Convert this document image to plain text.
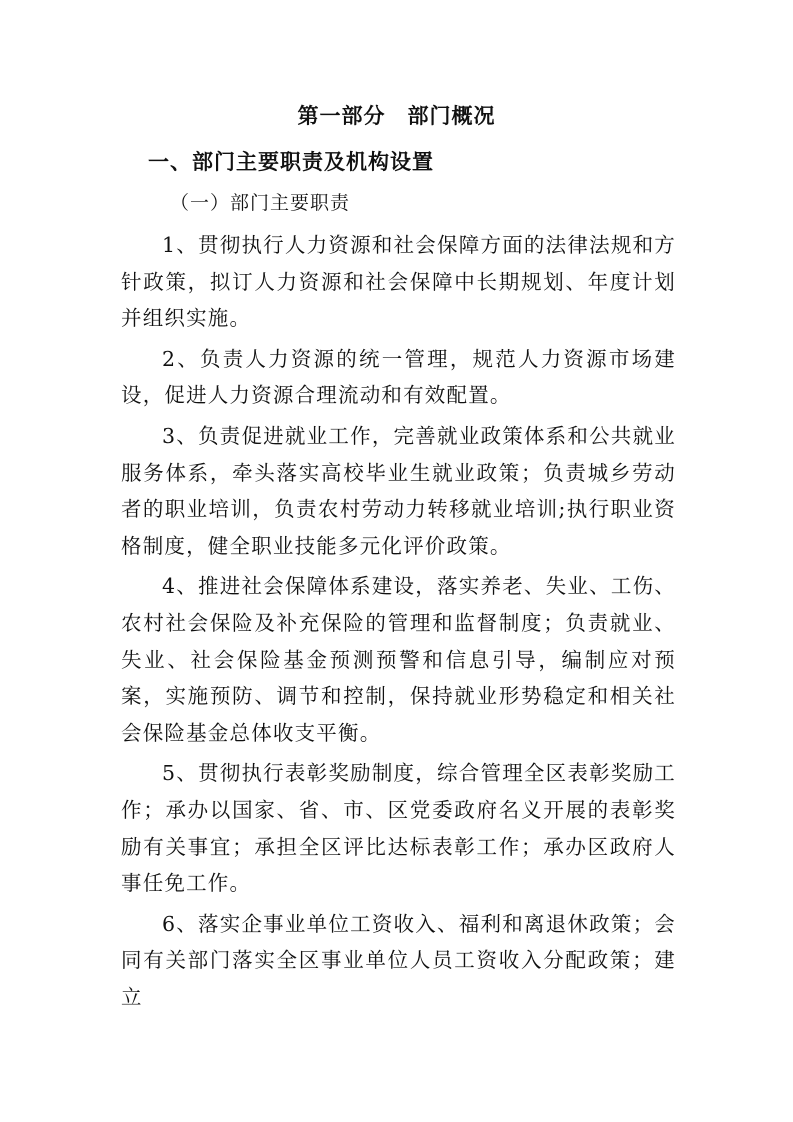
第一部分　部门概况
一、部门主要职责及机构设置
（一）部门主要职责

1、贯彻执行人力资源和社会保障方面的法律法规和方针政策，拟订人力资源和社会保障中长期规划、年度计划并组织实施。

2、负责人力资源的统一管理，规范人力资源市场建设，促进人力资源合理流动和有效配置。

3、负责促进就业工作，完善就业政策体系和公共就业服务体系，牵头落实高校毕业生就业政策；负责城乡劳动者的职业培训，负责农村劳动力转移就业培训;执行职业资格制度，健全职业技能多元化评价政策。

4、推进社会保障体系建设，落实养老、失业、工伤、农村社会保险及补充保险的管理和监督制度；负责就业、失业、社会保险基金预测预警和信息引导，编制应对预案，实施预防、调节和控制，保持就业形势稳定和相关社会保险基金总体收支平衡。

5、贯彻执行表彰奖励制度，综合管理全区表彰奖励工作；承办以国家、省、市、区党委政府名义开展的表彰奖励有关事宜；承担全区评比达标表彰工作；承办区政府人事任免工作。

6、落实企事业单位工资收入、福利和离退休政策；会同有关部门落实全区事业单位人员工资收入分配政策；建立
